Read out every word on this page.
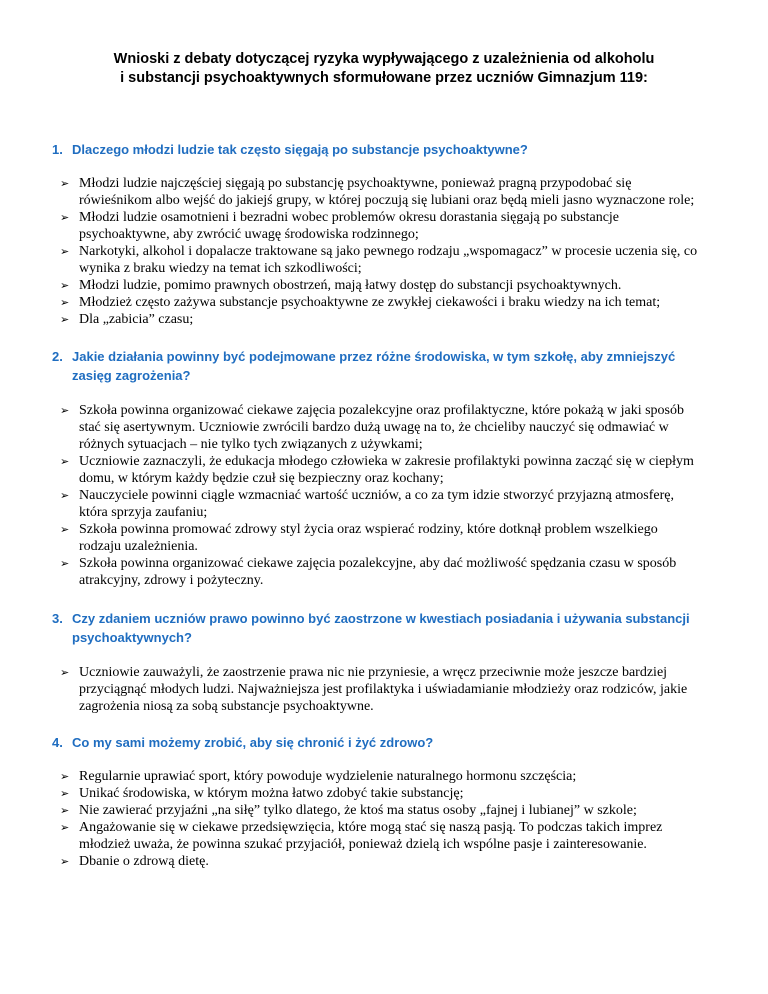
Wnioski z debaty dotyczącej ryzyka wypływającego z uzależnienia od alkoholu
i substancji psychoaktywnych sformułowane przez uczniów Gimnazjum 119:
1. Dlaczego młodzi ludzie tak często sięgają po substancje psychoaktywne?
➢ Młodzi ludzie najczęściej sięgają po substancję psychoaktywne, ponieważ pragną przypodobać się rówieśnikom albo wejść do jakiejś grupy, w której poczują się lubiani oraz będą mieli jasno wyznaczone role;
➢ Młodzi ludzie osamotnieni i bezradni wobec problemów okresu dorastania sięgają po substancje psychoaktywne, aby zwrócić uwagę środowiska rodzinnego;
➢ Narkotyki, alkohol i dopalacze traktowane są jako pewnego rodzaju „wspomagacz” w procesie uczenia się, co wynika z braku wiedzy na temat ich szkodliwości;
➢ Młodzi ludzie, pomimo prawnych obostrzeń, mają łatwy dostęp do substancji psychoaktywnych.
➢ Młodzież często zażywa substancje psychoaktywne ze zwykłej ciekawości i braku wiedzy na ich temat;
➢ Dla „zabicia” czasu;
2. Jakie działania powinny być podejmowane przez różne środowiska, w tym szkołę, aby zmniejszyć zasięg zagrożenia?
➢ Szkoła powinna organizować ciekawe zajęcia pozalekcyjne oraz profilaktyczne, które pokażą w jaki sposób stać się asertywnym. Uczniowie zwrócili bardzo dużą uwagę na to, że chcieliby nauczyć się odmawiać w różnych sytuacjach – nie tylko tych związanych z używkami;
➢ Uczniowie zaznaczyli, że edukacja młodego człowieka w zakresie profilaktyki powinna zacząć się w ciepłym domu, w którym każdy będzie czuł się bezpieczny oraz kochany;
➢ Nauczyciele powinni ciągle wzmacniać wartość uczniów, a co za tym idzie stworzyć przyjazną atmosferę, która sprzyja zaufaniu;
➢ Szkoła powinna promować zdrowy styl życia oraz wspierać rodziny, które dotknął problem wszelkiego rodzaju uzależnienia.
➢ Szkoła powinna organizować ciekawe zajęcia pozalekcyjne, aby dać możliwość spędzania czasu w sposób atrakcyjny, zdrowy i pożyteczny.
3. Czy zdaniem uczniów prawo powinno być zaostrzone w kwestiach posiadania i używania substancji psychoaktywnych?
➢ Uczniowie zauważyli, że zaostrzenie prawa nic nie przyniesie, a wręcz przeciwnie może jeszcze bardziej przyciągnąć młodych ludzi. Najważniejsza jest profilaktyka i uświadamianie młodzieży oraz rodziców, jakie zagrożenia niosą za sobą substancje psychoaktywne.
4. Co my sami możemy zrobić, aby się chronić i żyć zdrowo?
➢ Regularnie uprawiać sport, który powoduje wydzielenie naturalnego hormonu szczęścia;
➢ Unikać środowiska, w którym można łatwo zdobyć takie substancję;
➢ Nie zawierać przyjaźni „na siłę” tylko dlatego, że ktoś ma status osoby „fajnej i lubianej” w szkole;
➢ Angażowanie się w ciekawe przedsięwzięcia, które mogą stać się naszą pasją. To podczas takich imprez młodzież uważa, że powinna szukać przyjaciół, ponieważ dzielą ich wspólne pasje i zainteresowanie.
➢ Dbanie o zdrową dietę.
